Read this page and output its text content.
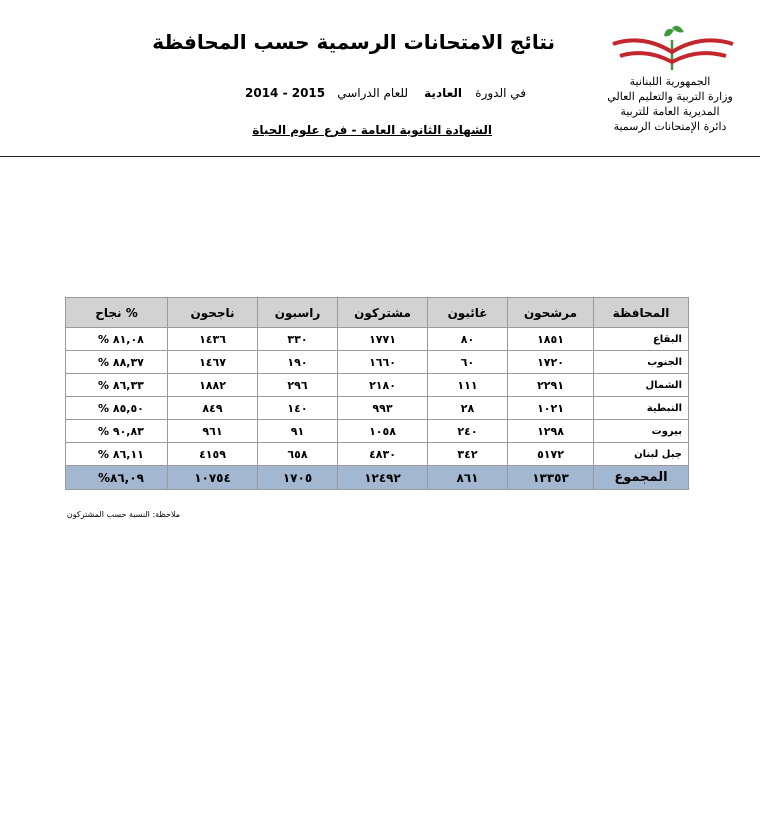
الجمهورية اللبنانية
وزارة التربية والتعليم العالي
المديرية العامة للتربية
دائرة الإمتحانات الرسمية
نتائج الامتحانات الرسمية حسب المحافظة
في الدورة
العادية
للعام الدراسي
2014 - 2015
الشهادة الثانوية العامة - فرع علوم الحياة
المحافظة	مرشحون	غائبون	مشتركون	راسبون	ناجحون	% نجاح
البقاع	١٨٥١	٨٠	١٧٧١	٣٣٠	١٤٣٦	٨١,٠٨ %
الجنوب	١٧٢٠	٦٠	١٦٦٠	١٩٠	١٤٦٧	٨٨,٣٧ %
الشمال	٢٢٩١	١١١	٢١٨٠	٢٩٦	١٨٨٢	٨٦,٣٣ %
النبطية	١٠٢١	٢٨	٩٩٣	١٤٠	٨٤٩	٨٥,٥٠ %
بيروت	١٢٩٨	٢٤٠	١٠٥٨	٩١	٩٦١	٩٠,٨٣ %
جبل لبنان	٥١٧٢	٣٤٢	٤٨٣٠	٦٥٨	٤١٥٩	٨٦,١١ %
المجموع	١٣٣٥٣	٨٦١	١٢٤٩٢	١٧٠٥	١٠٧٥٤	٨٦,٠٩%
ملاحظة: النسبة حسب المشتركون
